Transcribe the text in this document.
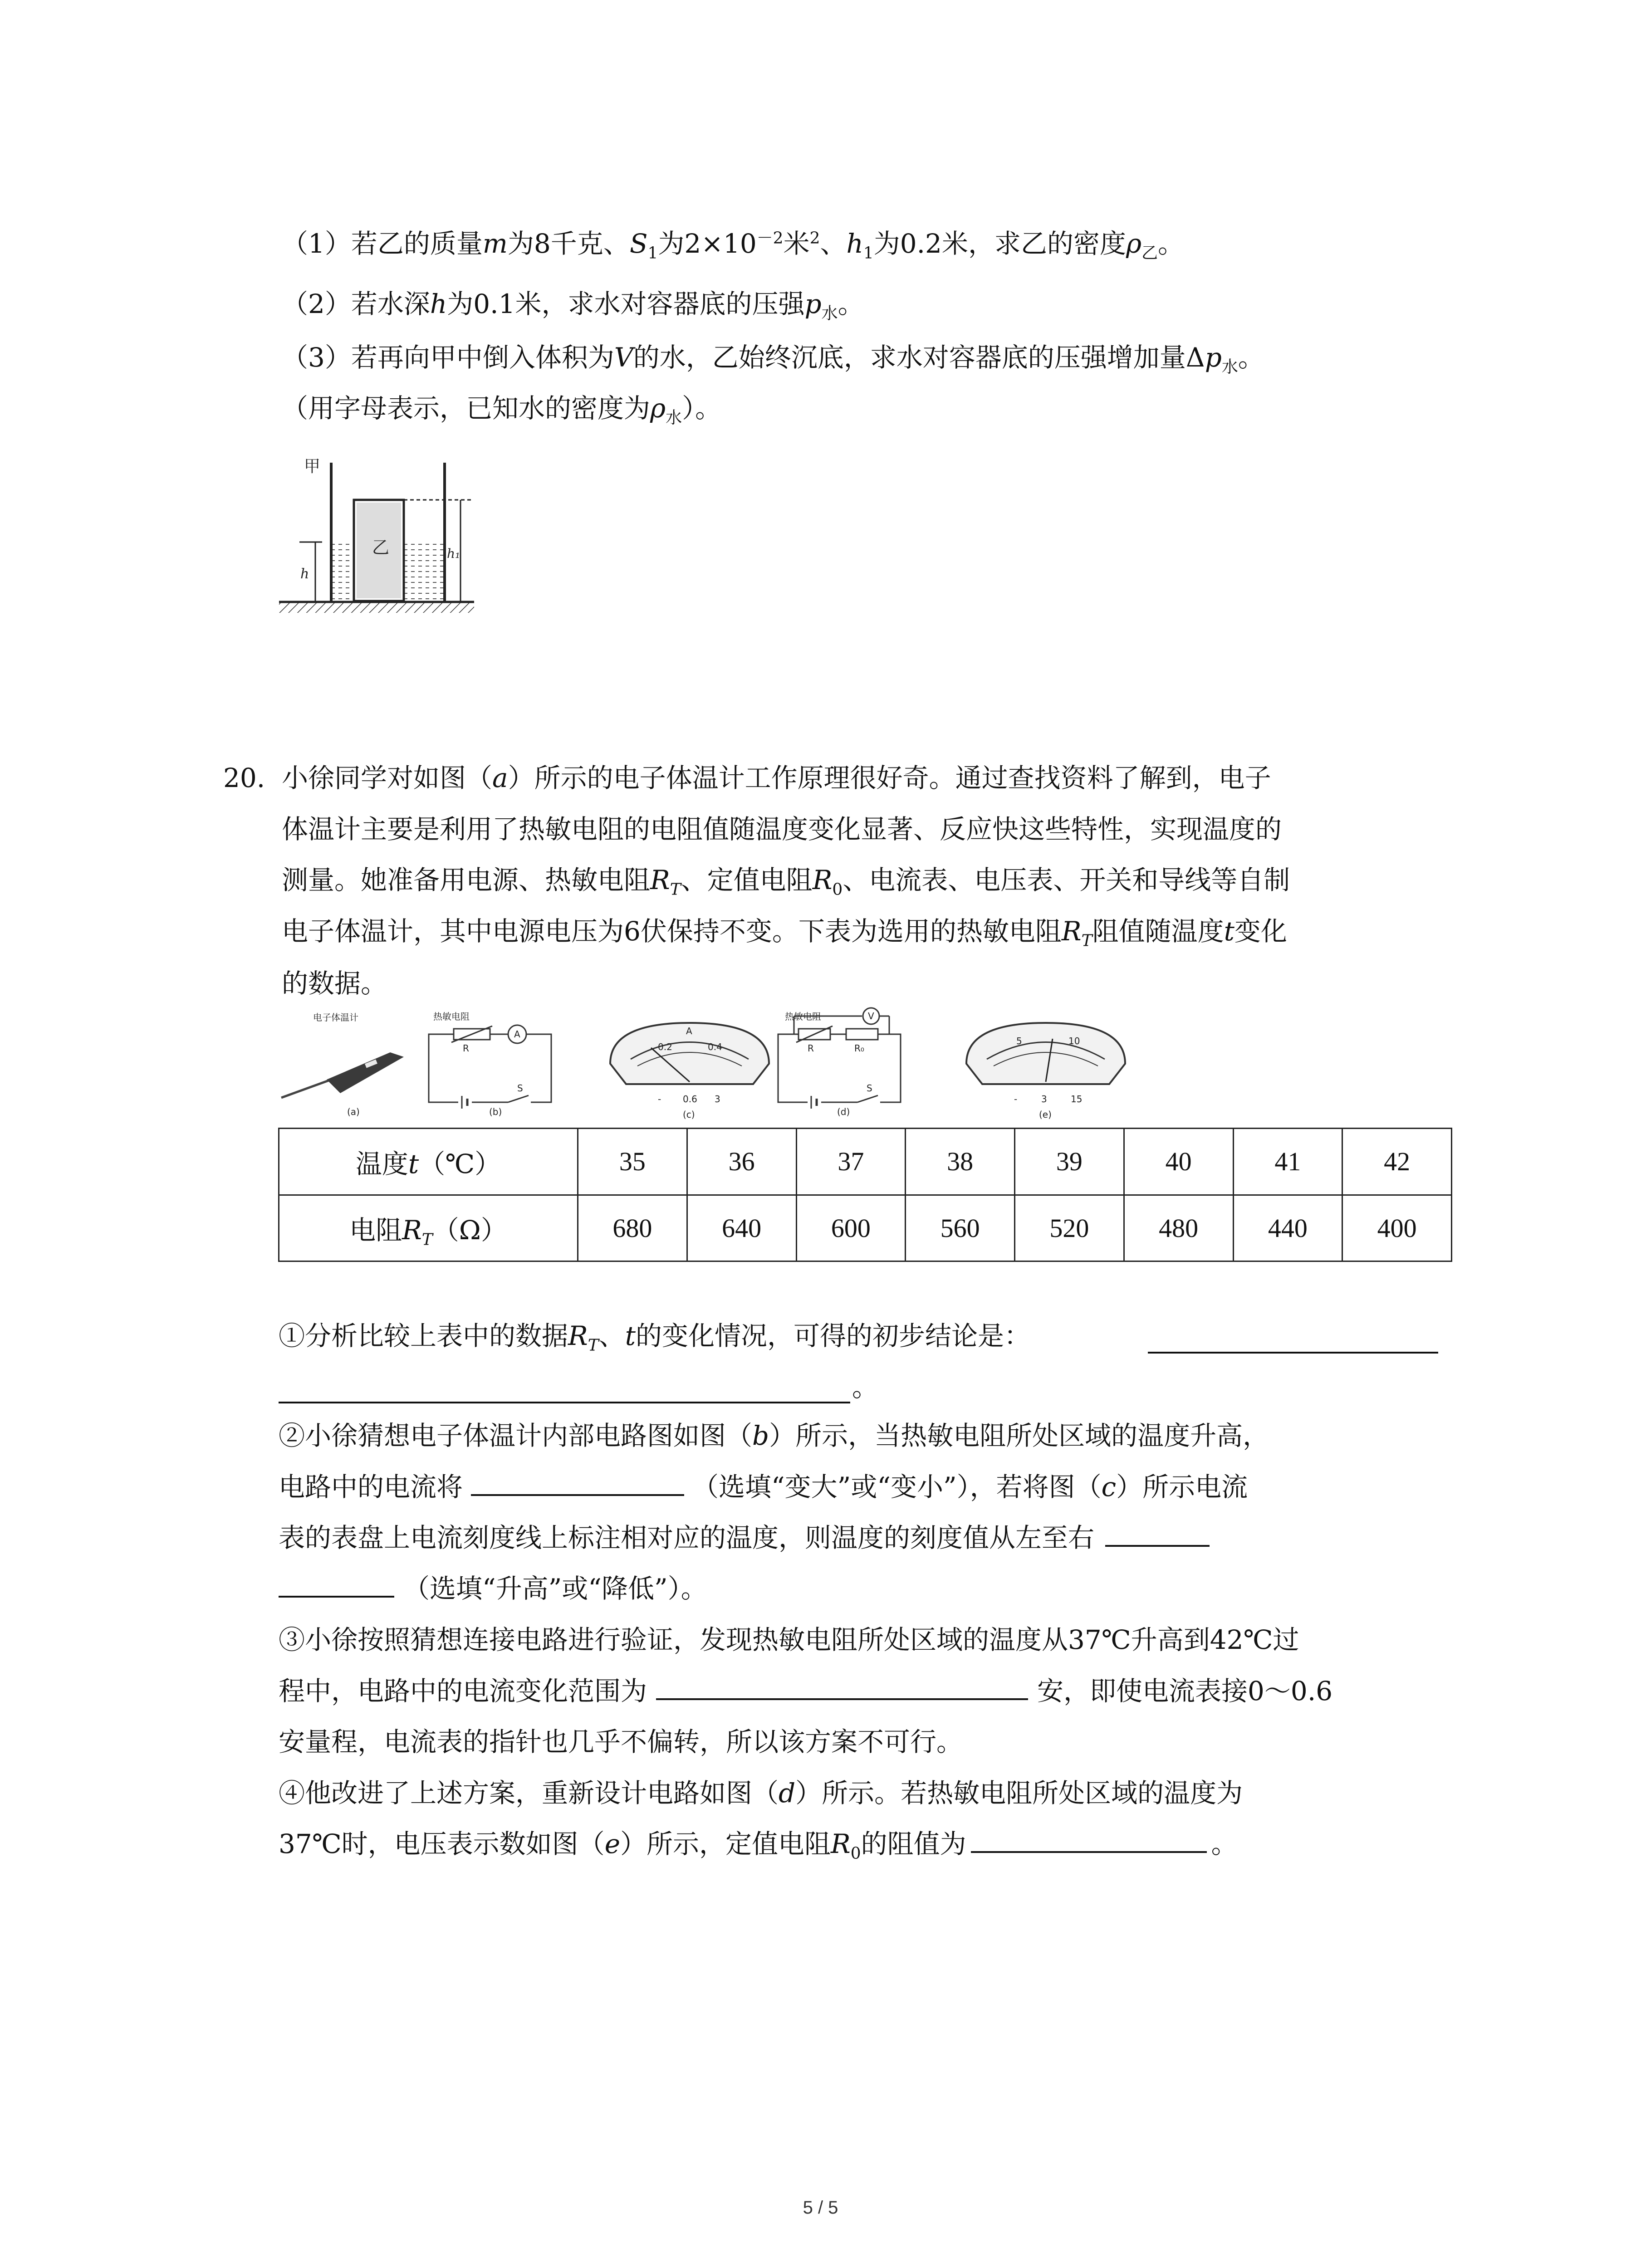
（1）若乙的质量m为8千克、$S_1$为$2\times 10^{-2}$米$^2$、$h_1$为0.2米，求乙的密度$\rho_乙$。
（2）若水深h为0.1米，求水对容器底的压强$p_水$。
（3）若再向甲中倒入体积为V的水，乙始终沉底，求水对容器底的压强增加量$\Delta p_水$。
（用字母表示，已知水的密度为$\rho_水$）。
甲
乙
h
h₁
20. 小徐同学对如图（a）所示的电子体温计工作原理很好奇。通过查找资料了解到，电子
体温计主要是利用了热敏电阻的电阻值随温度变化显著、反应快这些特性，实现温度的
测量。她准备用电源、热敏电阻$R_T$、定值电阻$R_0$、电流表、电压表、开关和导线等自制
电子体温计，其中电源电压为6伏保持不变。下表为选用的热敏电阻$R_T$阻值随温度t变化
的数据。
电子体温计
(a)
热敏电阻
R
A
S
(b)
0.2	0.4
A
- 0.6 3
(c)
热敏电阻	V
R	R₀
S
(d)
5	10
-	3	15
(e)
温度t（℃）	35	36	37	38	39	40	41	42
电阻$R_T(\Omega)$	680	640	600	560	520	480	440	400
①分析比较上表中的数据$R_T$、t的变化情况，可得的初步结论是：
。
②小徐猜想电子体温计内部电路图如图（b）所示，当热敏电阻所处区域的温度升高，
电路中的电流将	（选填“变大”或“变小”），若将图（c）所示电流
表的表盘上电流刻度线上标注相对应的温度，则温度的刻度值从左至右
（选填“升高”或“降低”）。
③小徐按照猜想连接电路进行验证，发现热敏电阻所处区域的温度从37℃升高到42℃过
程中，电路中的电流变化范围为	安，即使电流表接0～0.6
安量程，电流表的指针也几乎不偏转，所以该方案不可行。
④他改进了上述方案，重新设计电路如图（d）所示。若热敏电阻所处区域的温度为
37℃时，电压表示数如图（e）所示，定值电阻$R_0$的阻值为	。
5 / 5
